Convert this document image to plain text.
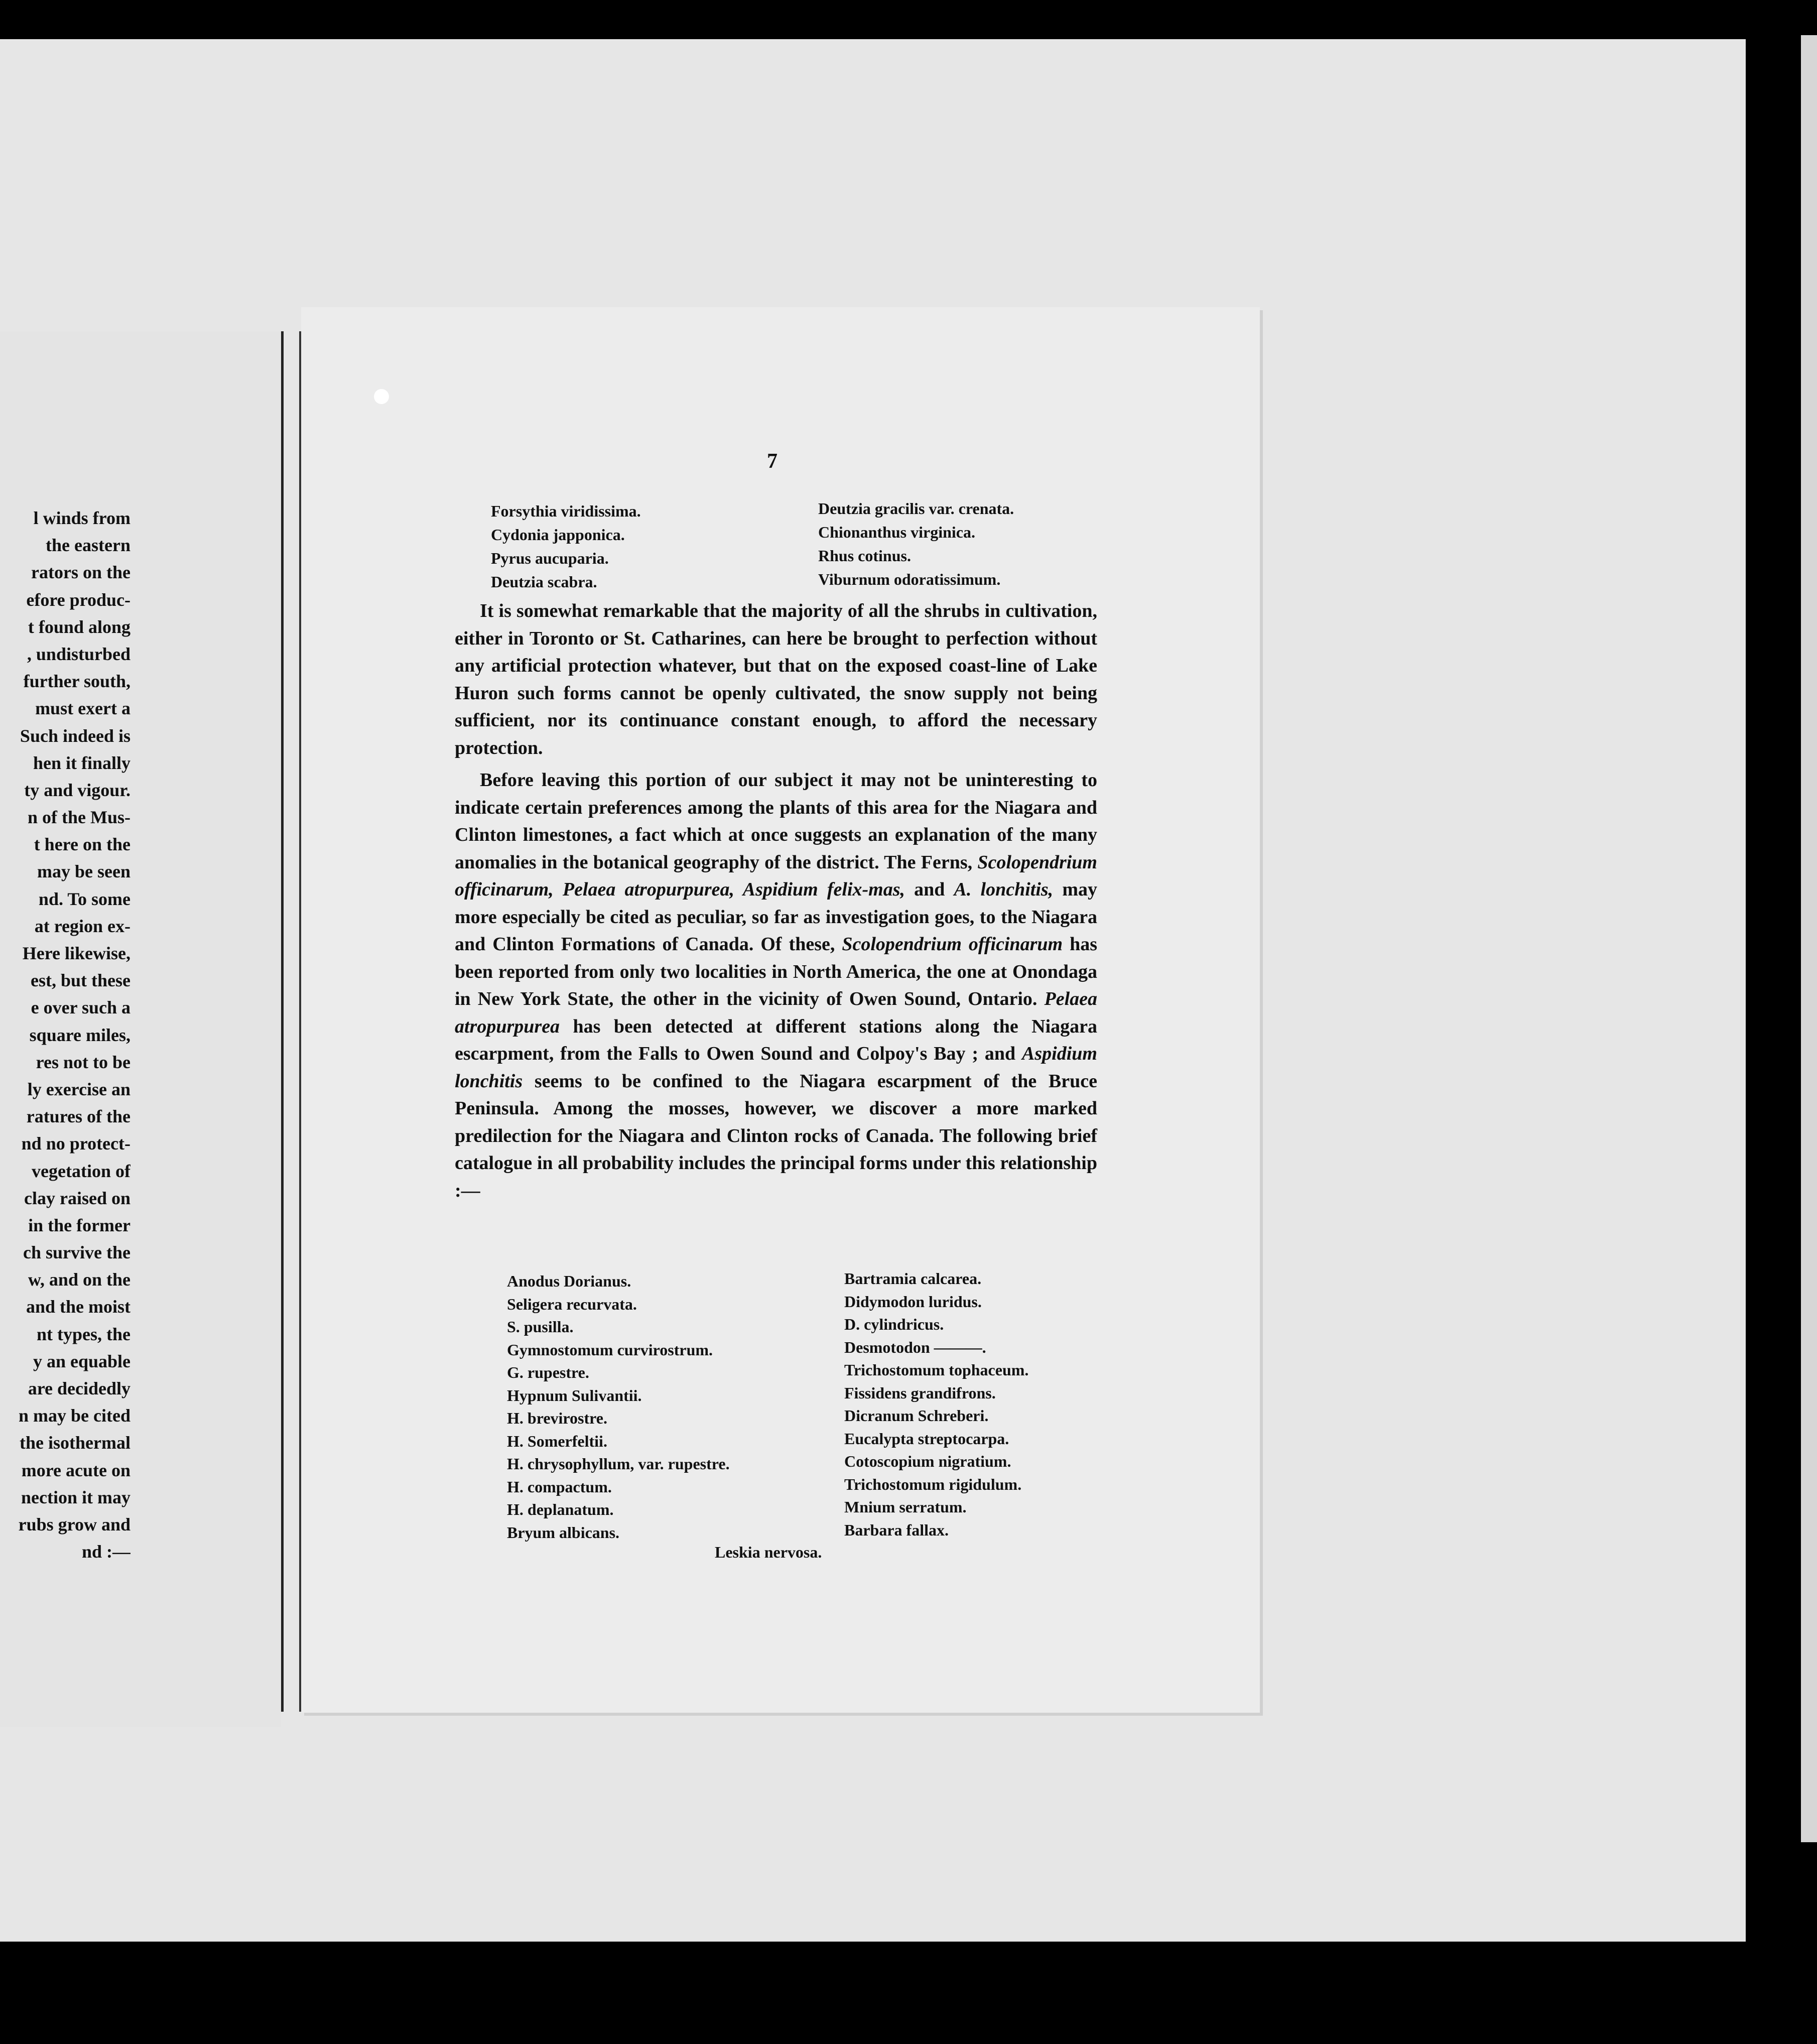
l winds from
the eastern
rators on the
efore produc-
t found along
, undisturbed
further south,
must exert a
Such indeed is
hen it finally
ty and vigour.
n of the Mus-
t here on the
may be seen
nd. To some
at region ex-
Here likewise,
est, but these
e over such a
square miles,
res not to be
ly exercise an
ratures of the
nd no protect-
vegetation of
clay raised on
in the former
ch survive the
w, and on the
and the moist
nt types, the
y an equable
are decidedly
n may be cited
the isothermal
more acute on
nection it may
rubs grow and
nd :—
7
Forsythia viridissima.
Cydonia japponica.
Pyrus aucuparia.
Deutzia scabra.
Deutzia gracilis var. crenata.
Chionanthus virginica.
Rhus cotinus.
Viburnum odoratissimum.

It is somewhat remarkable that the majority of all the shrubs in cultivation, either in Toronto or St. Catharines, can here be brought to perfection without any artificial protection whatever, but that on the exposed coast-line of Lake Huron such forms cannot be openly cultivated, the snow supply not being sufficient, nor its continuance constant enough, to afford the necessary protection.

Before leaving this portion of our subject it may not be uninteresting to indicate certain preferences among the plants of this area for the Niagara and Clinton limestones, a fact which at once suggests an explanation of the many anomalies in the botanical geography of the district. The Ferns, Scolopendrium officinarum, Pelaea atropurpurea, Aspidium felix-mas, and A. lonchitis, may more especially be cited as peculiar, so far as investigation goes, to the Niagara and Clinton Formations of Canada. Of these, Scolopendrium officinarum has been reported from only two localities in North America, the one at Onondaga in New York State, the other in the vicinity of Owen Sound, Ontario. Pelaea atropurpurea has been detected at different stations along the Niagara escarpment, from the Falls to Owen Sound and Colpoy's Bay ; and Aspidium lonchitis seems to be confined to the Niagara escarpment of the Bruce Peninsula. Among the mosses, however, we discover a more marked predilection for the Niagara and Clinton rocks of Canada. The following brief catalogue in all probability includes the principal forms under this relationship :—

Anodus Dorianus.
Seligera recurvata.
S. pusilla.
Gymnostomum curvirostrum.
G. rupestre.
Hypnum Sulivantii.
H. brevirostre.
H. Somerfeltii.
H. chrysophyllum, var. rupestre.
H. compactum.
H. deplanatum.
Bryum albicans.
Bartramia calcarea.
Didymodon luridus.
D. cylindricus.
Desmotodon ———.
Trichostomum tophaceum.
Fissidens grandifrons.
Dicranum Schreberi.
Eucalypta streptocarpa.
Cotoscopium nigratium.
Trichostomum rigidulum.
Mnium serratum.
Barbara fallax.
Leskia nervosa.
